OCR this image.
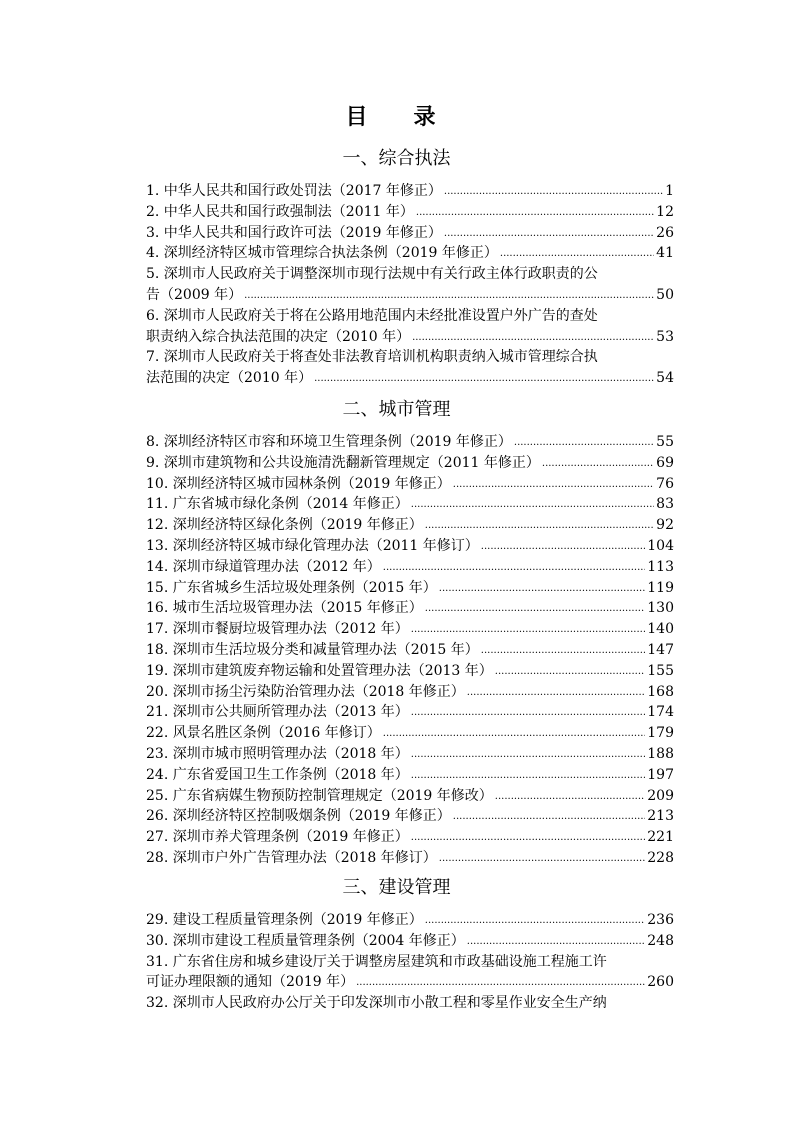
目　录
一、综合执法
1. 中华人民共和国行政处罚法（2017 年修正） .....	1
2. 中华人民共和国行政强制法（2011 年） .....	12
3. 中华人民共和国行政许可法（2019 年修正） .....	26
4. 深圳经济特区城市管理综合执法条例（2019 年修正） .....	41
5. 深圳市人民政府关于调整深圳市现行法规中有关行政主体行政职责的公
告（2009 年） .....	50
6. 深圳市人民政府关于将在公路用地范围内未经批准设置户外广告的查处
职责纳入综合执法范围的决定（2010 年） .....	53
7. 深圳市人民政府关于将查处非法教育培训机构职责纳入城市管理综合执
法范围的决定（2010 年） .....	54
二、城市管理
8. 深圳经济特区市容和环境卫生管理条例（2019 年修正） .....	55
9. 深圳市建筑物和公共设施清洗翻新管理规定（2011 年修正） .....	69
10. 深圳经济特区城市园林条例（2019 年修正） .....	76
11. 广东省城市绿化条例（2014 年修正） .....	83
12. 深圳经济特区绿化条例（2019 年修正） .....	92
13. 深圳经济特区城市绿化管理办法（2011 年修订） .....	104
14. 深圳市绿道管理办法（2012 年） .....	113
15. 广东省城乡生活垃圾处理条例（2015 年） .....	119
16. 城市生活垃圾管理办法（2015 年修正） .....	130
17. 深圳市餐厨垃圾管理办法（2012 年） .....	140
18. 深圳市生活垃圾分类和减量管理办法（2015 年） .....	147
19. 深圳市建筑废弃物运输和处置管理办法（2013 年） .....	155
20. 深圳市扬尘污染防治管理办法（2018 年修正） .....	168
21. 深圳市公共厕所管理办法（2013 年） .....	174
22. 风景名胜区条例（2016 年修订） .....	179
23. 深圳市城市照明管理办法（2018 年） .....	188
24. 广东省爱国卫生工作条例（2018 年） .....	197
25. 广东省病媒生物预防控制管理规定（2019 年修改） .....	209
26. 深圳经济特区控制吸烟条例（2019 年修正） .....	213
27. 深圳市养犬管理条例（2019 年修正） .....	221
28. 深圳市户外广告管理办法（2018 年修订） .....	228
三、建设管理
29. 建设工程质量管理条例（2019 年修正） .....	236
30. 深圳市建设工程质量管理条例（2004 年修正） .....	248
31. 广东省住房和城乡建设厅关于调整房屋建筑和市政基础设施工程施工许
可证办理限额的通知（2019 年） .....	260
32. 深圳市人民政府办公厅关于印发深圳市小散工程和零星作业安全生产纳
